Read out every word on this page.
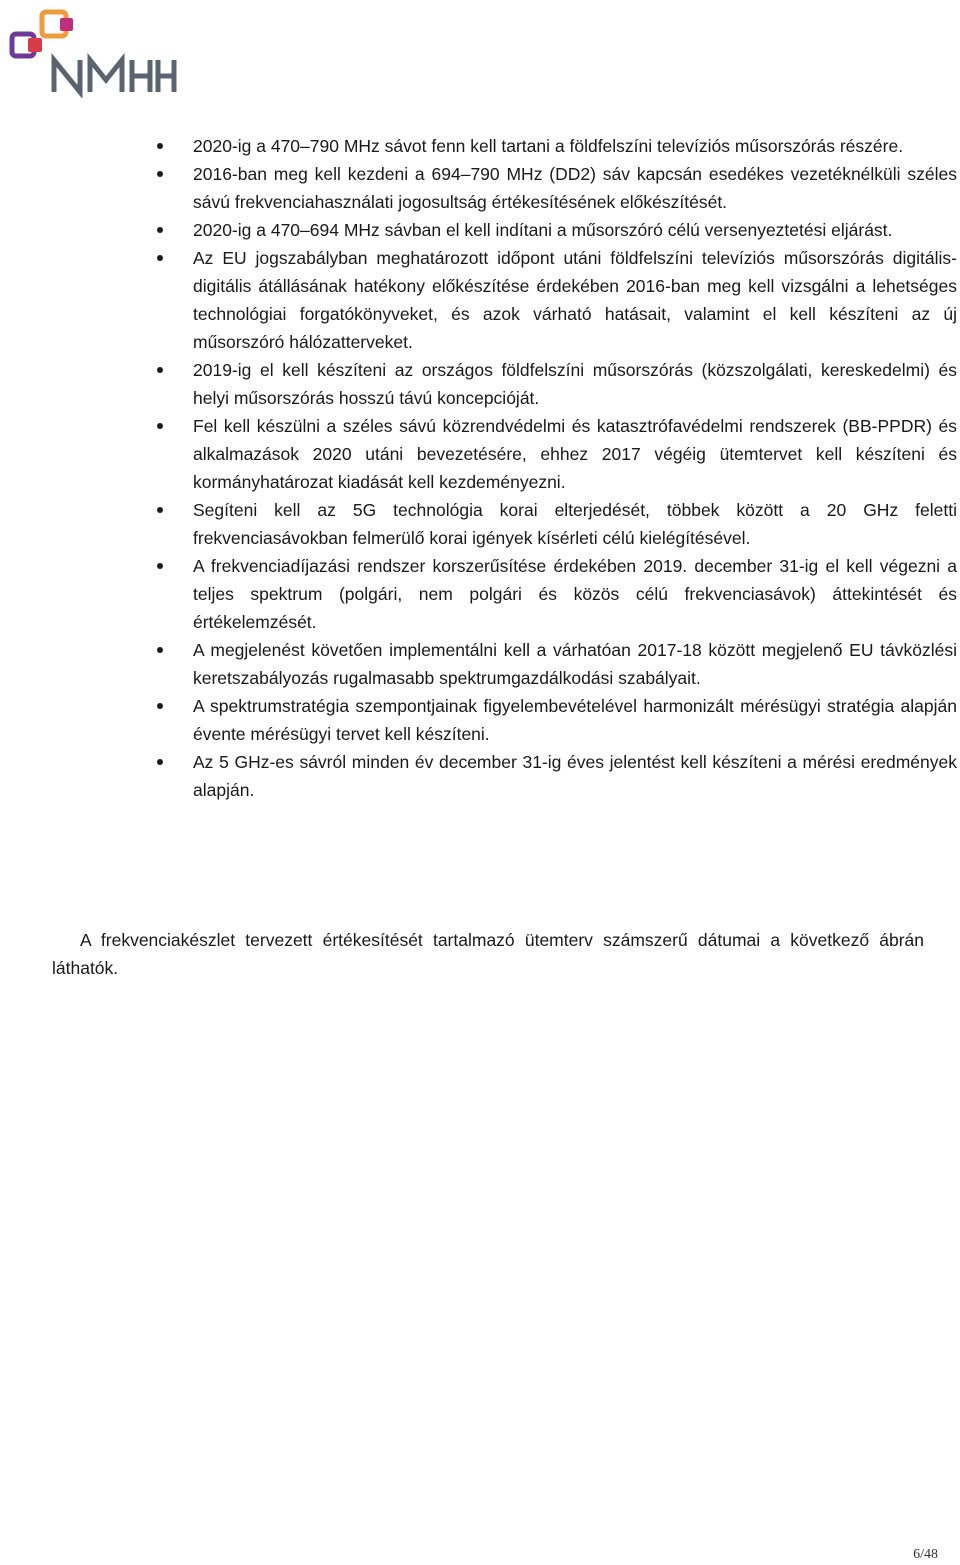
2020-ig a 470–790 MHz sávot fenn kell tartani a földfelszíni televíziós műsorszórás részére.
2016-ban meg kell kezdeni a 694–790 MHz (DD2) sáv kapcsán esedékes vezetéknélküli széles sávú frekvenciahasználati jogosultság értékesítésének előkészítését.
2020-ig a 470–694 MHz sávban el kell indítani a műsorszóró célú versenyeztetési eljárást.
Az EU jogszabályban meghatározott időpont utáni földfelszíni televíziós műsorszórás digitális-digitális átállásának hatékony előkészítése érdekében 2016-ban meg kell vizsgálni a lehetséges technológiai forgatókönyveket, és azok várható hatásait, valamint el kell készíteni az új műsorszóró hálózatterveket.
2019-ig el kell készíteni az országos földfelszíni műsorszórás (közszolgálati, kereskedelmi) és helyi műsorszórás hosszú távú koncepcióját.
Fel kell készülni a széles sávú közrendvédelmi és katasztrófavédelmi rendszerek (BB-PPDR) és alkalmazások 2020 utáni bevezetésére, ehhez 2017 végéig ütemtervet kell készíteni és kormányhatározat kiadását kell kezdeményezni.
Segíteni kell az 5G technológia korai elterjedését, többek között a 20 GHz feletti frekvenciasávokban felmerülő korai igények kísérleti célú kielégítésével.
A frekvenciadíjazási rendszer korszerűsítése érdekében 2019. december 31-ig el kell végezni a teljes spektrum (polgári, nem polgári és közös célú frekvenciasávok) áttekintését és értékelemzését.
A megjelenést követően implementálni kell a várhatóan 2017-18 között megjelenő EU távközlési keretszabályozás rugalmasabb spektrumgazdálkodási szabályait.
A spektrumstratégia szempontjainak figyelembevételével harmonizált mérésügyi stratégia alapján évente mérésügyi tervet kell készíteni.
Az 5 GHz-es sávról minden év december 31-ig éves jelentést kell készíteni a mérési eredmények alapján.

A frekvenciakészlet tervezett értékesítését tartalmazó ütemterv számszerű dátumai a következő ábrán láthatók.

6/48
